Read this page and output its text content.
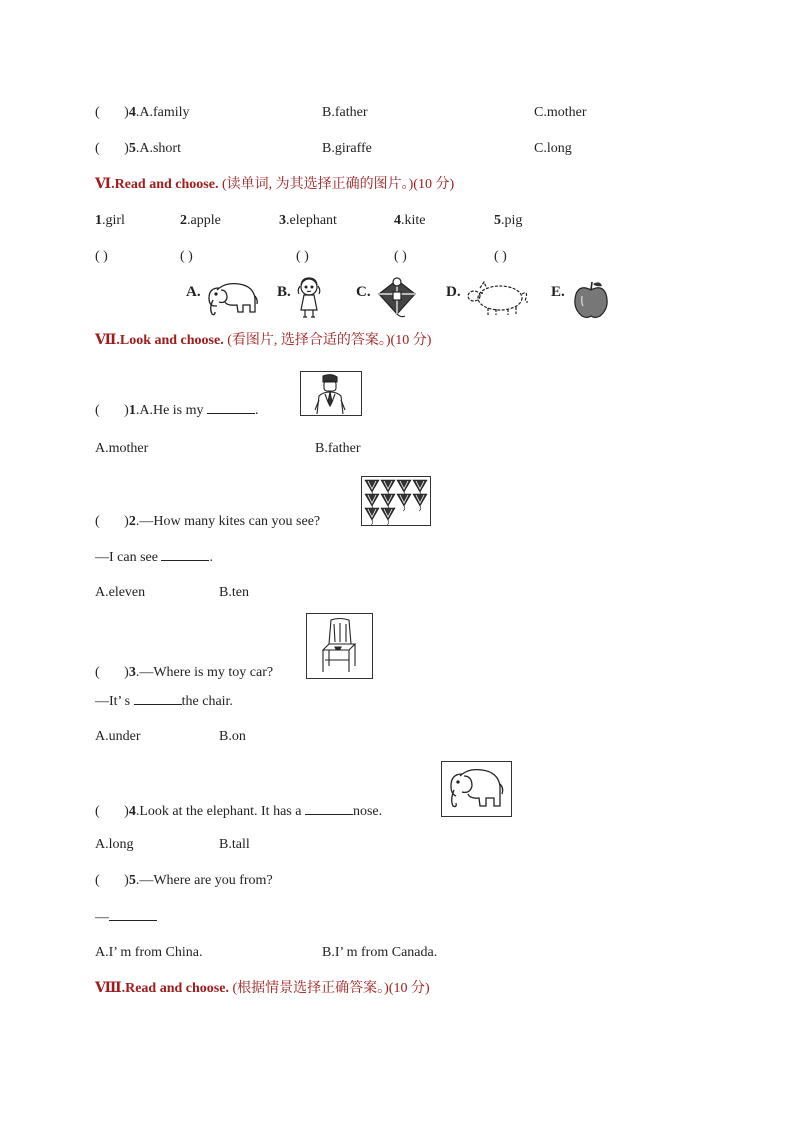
( )4.A.family	B.father	C.mother
( )5.A.short	B.giraffe	C.long
Ⅵ.Read and choose. (读单词, 为其选择正确的图片。)(10 分)
1.girl	2.apple	3.elephant	4.kite	5.pig
( )	( )	( )	( )	( )
A.	B.	C.	D.	E.
Ⅶ.Look and choose. (看图片, 选择合适的答案。)(10 分)
( )1.A.He is my	.
A.mother	B.father
( )2.—How many kites can you see?
—I can see	.
A.eleven	B.ten
( )3.—Where is my toy car?
—It’ s	the chair.
A.under	B.on
( )4.Look at the elephant. It has a	nose.
A.long	B.tall
( )5.—Where are you from?
—
A.I’ m from China.	B.I’ m from Canada.
Ⅷ.Read and choose. (根据情景选择正确答案。)(10 分)
